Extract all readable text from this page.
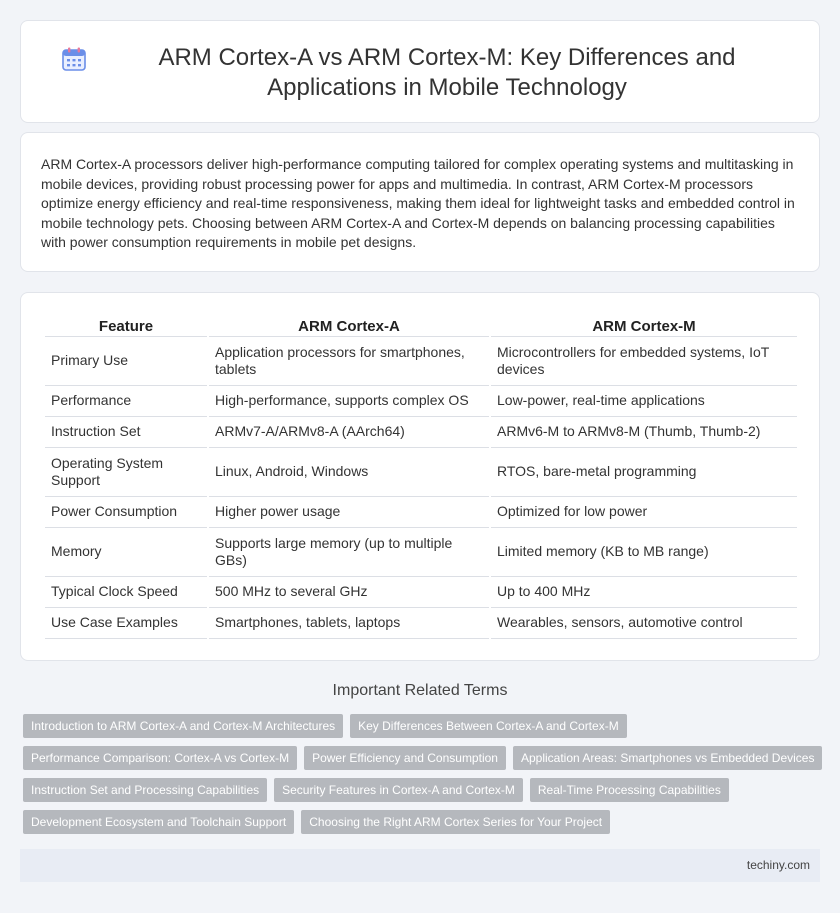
ARM Cortex-A vs ARM Cortex-M: Key Differences and Applications in Mobile Technology

ARM Cortex-A processors deliver high-performance computing tailored for complex operating systems and multitasking in mobile devices, providing robust processing power for apps and multimedia. In contrast, ARM Cortex-M processors optimize energy efficiency and real-time responsiveness, making them ideal for lightweight tasks and embedded control in mobile technology pets. Choosing between ARM Cortex-A and Cortex-M depends on balancing processing capabilities with power consumption requirements in mobile pet designs.

Feature	ARM Cortex-A	ARM Cortex-M
Primary Use	Application processors for smartphones, tablets	Microcontrollers for embedded systems, IoT devices
Performance	High-performance, supports complex OS	Low-power, real-time applications
Instruction Set	ARMv7-A/ARMv8-A (AArch64)	ARMv6-M to ARMv8-M (Thumb, Thumb-2)
Operating System Support	Linux, Android, Windows	RTOS, bare-metal programming
Power Consumption	Higher power usage	Optimized for low power
Memory	Supports large memory (up to multiple GBs)	Limited memory (KB to MB range)
Typical Clock Speed	500 MHz to several GHz	Up to 400 MHz
Use Case Examples	Smartphones, tablets, laptops	Wearables, sensors, automotive control
Important Related Terms
Introduction to ARM Cortex-A and Cortex-M Architectures	Key Differences Between Cortex-A and Cortex-M
Performance Comparison: Cortex-A vs Cortex-M	Power Efficiency and Consumption	Application Areas: Smartphones vs Embedded Devices
Instruction Set and Processing Capabilities	Security Features in Cortex-A and Cortex-M	Real-Time Processing Capabilities
Development Ecosystem and Toolchain Support	Choosing the Right ARM Cortex Series for Your Project
techiny.com
